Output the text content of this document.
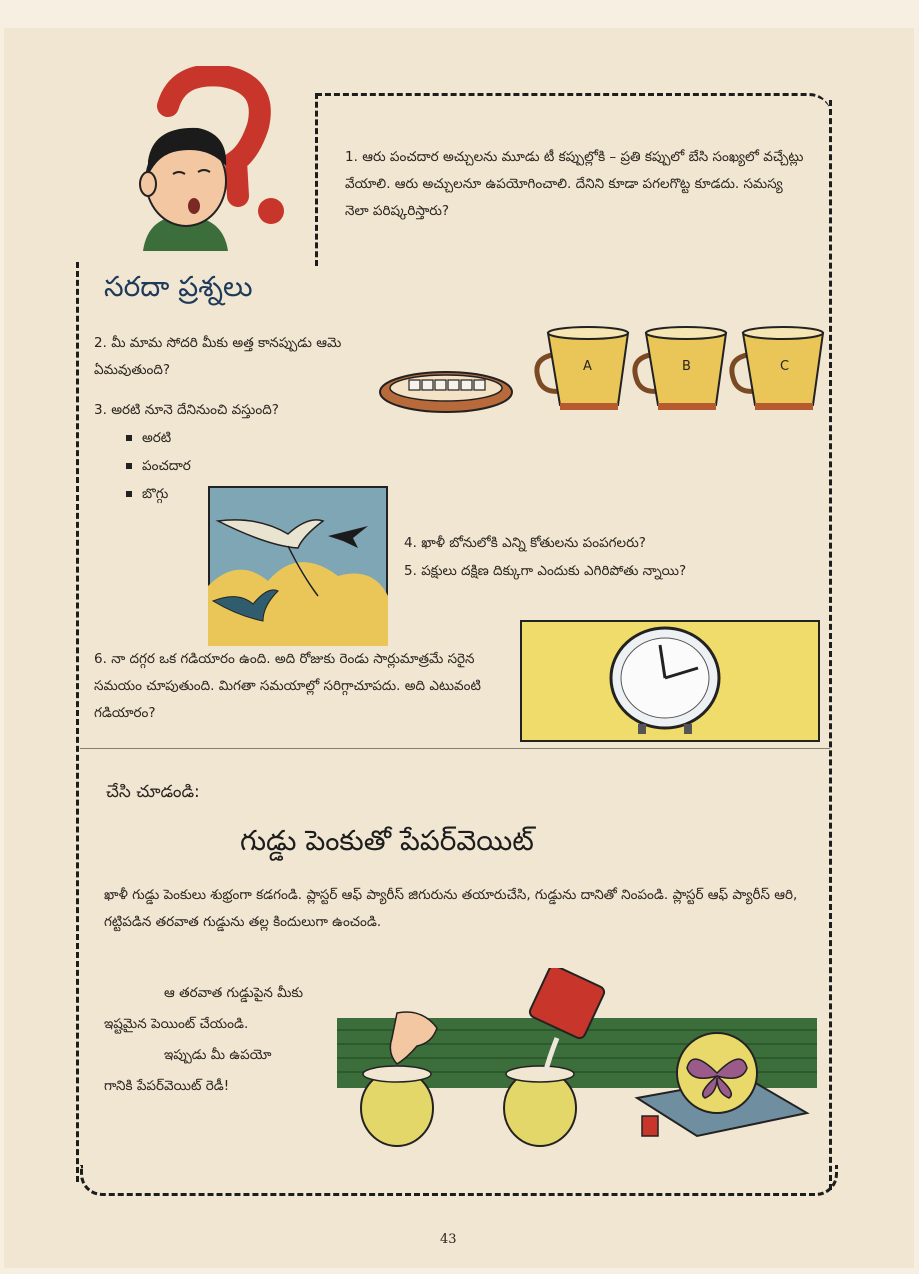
1. ఆరు పంచదార అచ్చులను మూడు టీ కప్పుల్లోకి – ప్రతి కప్పులో బేసి సంఖ్యలో వచ్చేట్లు వేయాలి. ఆరు అచ్చులనూ ఉపయోగించాలి. దేనిని కూడా పగలగొట్ట కూడదు. సమస్య నెలా పరిష్కరిస్తారు?
సరదా ప్రశ్నలు
2. మీ మామ సోదరి మీకు అత్త కానప్పుడు ఆమె ఏమవుతుంది?	A	B	C
3. అరటి నూనె దేనినుంచి వస్తుంది?
అరటి
పంచదార
బొగ్గు
4. ఖాళీ బోనులోకి ఎన్ని కోతులను పంపగలరు?
5. పక్షులు దక్షిణ దిక్కుగా ఎందుకు ఎగిరిపోతు న్నాయి?
6. నా దగ్గర ఒక గడియారం ఉంది. అది రోజుకు రెండు సార్లుమాత్రమే సరైన సమయం చూపుతుంది. మిగతా సమయాల్లో సరిగ్గాచూపదు. అది ఎటువంటి గడియారం?
చేసి చూడండి:
గుడ్డు పెంకుతో పేపర్‌వెయిట్
ఖాళీ గుడ్డు పెంకులు శుభ్రంగా కడగండి. ప్లాస్టర్ ఆఫ్ ప్యారీస్ జిగురును తయారుచేసి, గుడ్డును దానితో నింపండి. ప్లాస్టర్ ఆఫ్ ప్యారీస్ ఆరి, గట్టిపడిన తరవాత గుడ్డును తల్ల కిందులుగా ఉంచండి.
ఆ తరవాత గుడ్డుపైన మీకు
ఇష్టమైన పెయింట్ చేయండి.
ఇప్పుడు మీ ఉపయో
గానికి పేపర్‌వెయిట్ రెడీ!
43
